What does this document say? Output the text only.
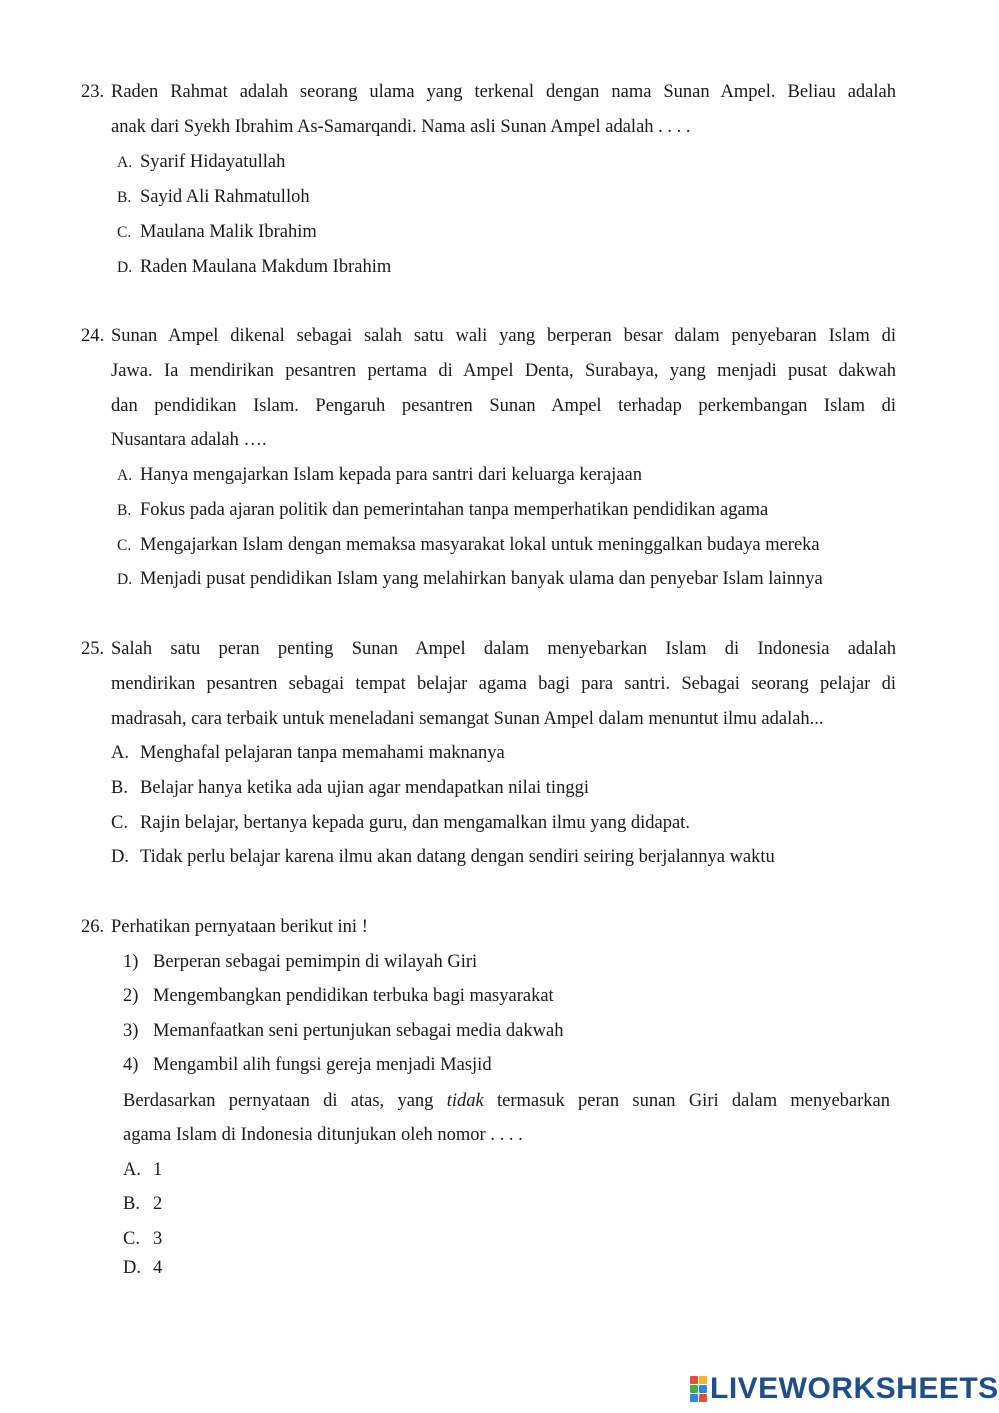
23. Raden Rahmat adalah seorang ulama yang terkenal dengan nama Sunan Ampel. Beliau adalah
anak dari Syekh Ibrahim As-Samarqandi. Nama asli Sunan Ampel adalah . . . .
A. Syarif Hidayatullah
B. Sayid Ali Rahmatulloh
C. Maulana Malik Ibrahim
D. Raden Maulana Makdum Ibrahim
24. Sunan Ampel dikenal sebagai salah satu wali yang berperan besar dalam penyebaran Islam di
Jawa. Ia mendirikan pesantren pertama di Ampel Denta, Surabaya, yang menjadi pusat dakwah
dan pendidikan Islam. Pengaruh pesantren Sunan Ampel terhadap perkembangan Islam di
Nusantara adalah ….
A. Hanya mengajarkan Islam kepada para santri dari keluarga kerajaan
B. Fokus pada ajaran politik dan pemerintahan tanpa memperhatikan pendidikan agama
C. Mengajarkan Islam dengan memaksa masyarakat lokal untuk meninggalkan budaya mereka
D. Menjadi pusat pendidikan Islam yang melahirkan banyak ulama dan penyebar Islam lainnya
25. Salah satu peran penting Sunan Ampel dalam menyebarkan Islam di Indonesia adalah
mendirikan pesantren sebagai tempat belajar agama bagi para santri. Sebagai seorang pelajar di
madrasah, cara terbaik untuk meneladani semangat Sunan Ampel dalam menuntut ilmu adalah...
A. Menghafal pelajaran tanpa memahami maknanya
B. Belajar hanya ketika ada ujian agar mendapatkan nilai tinggi
C. Rajin belajar, bertanya kepada guru, dan mengamalkan ilmu yang didapat.
D. Tidak perlu belajar karena ilmu akan datang dengan sendiri seiring berjalannya waktu
26. Perhatikan pernyataan berikut ini !
1) Berperan sebagai pemimpin di wilayah Giri
2) Mengembangkan pendidikan terbuka bagi masyarakat
3) Memanfaatkan seni pertunjukan sebagai media dakwah
4) Mengambil alih fungsi gereja menjadi Masjid
Berdasarkan pernyataan di atas, yang tidak termasuk peran sunan Giri dalam menyebarkan
agama Islam di Indonesia ditunjukan oleh nomor . . . .
A. 1
B. 2
C. 3
D. 4
LIVEWORKSHEETS
